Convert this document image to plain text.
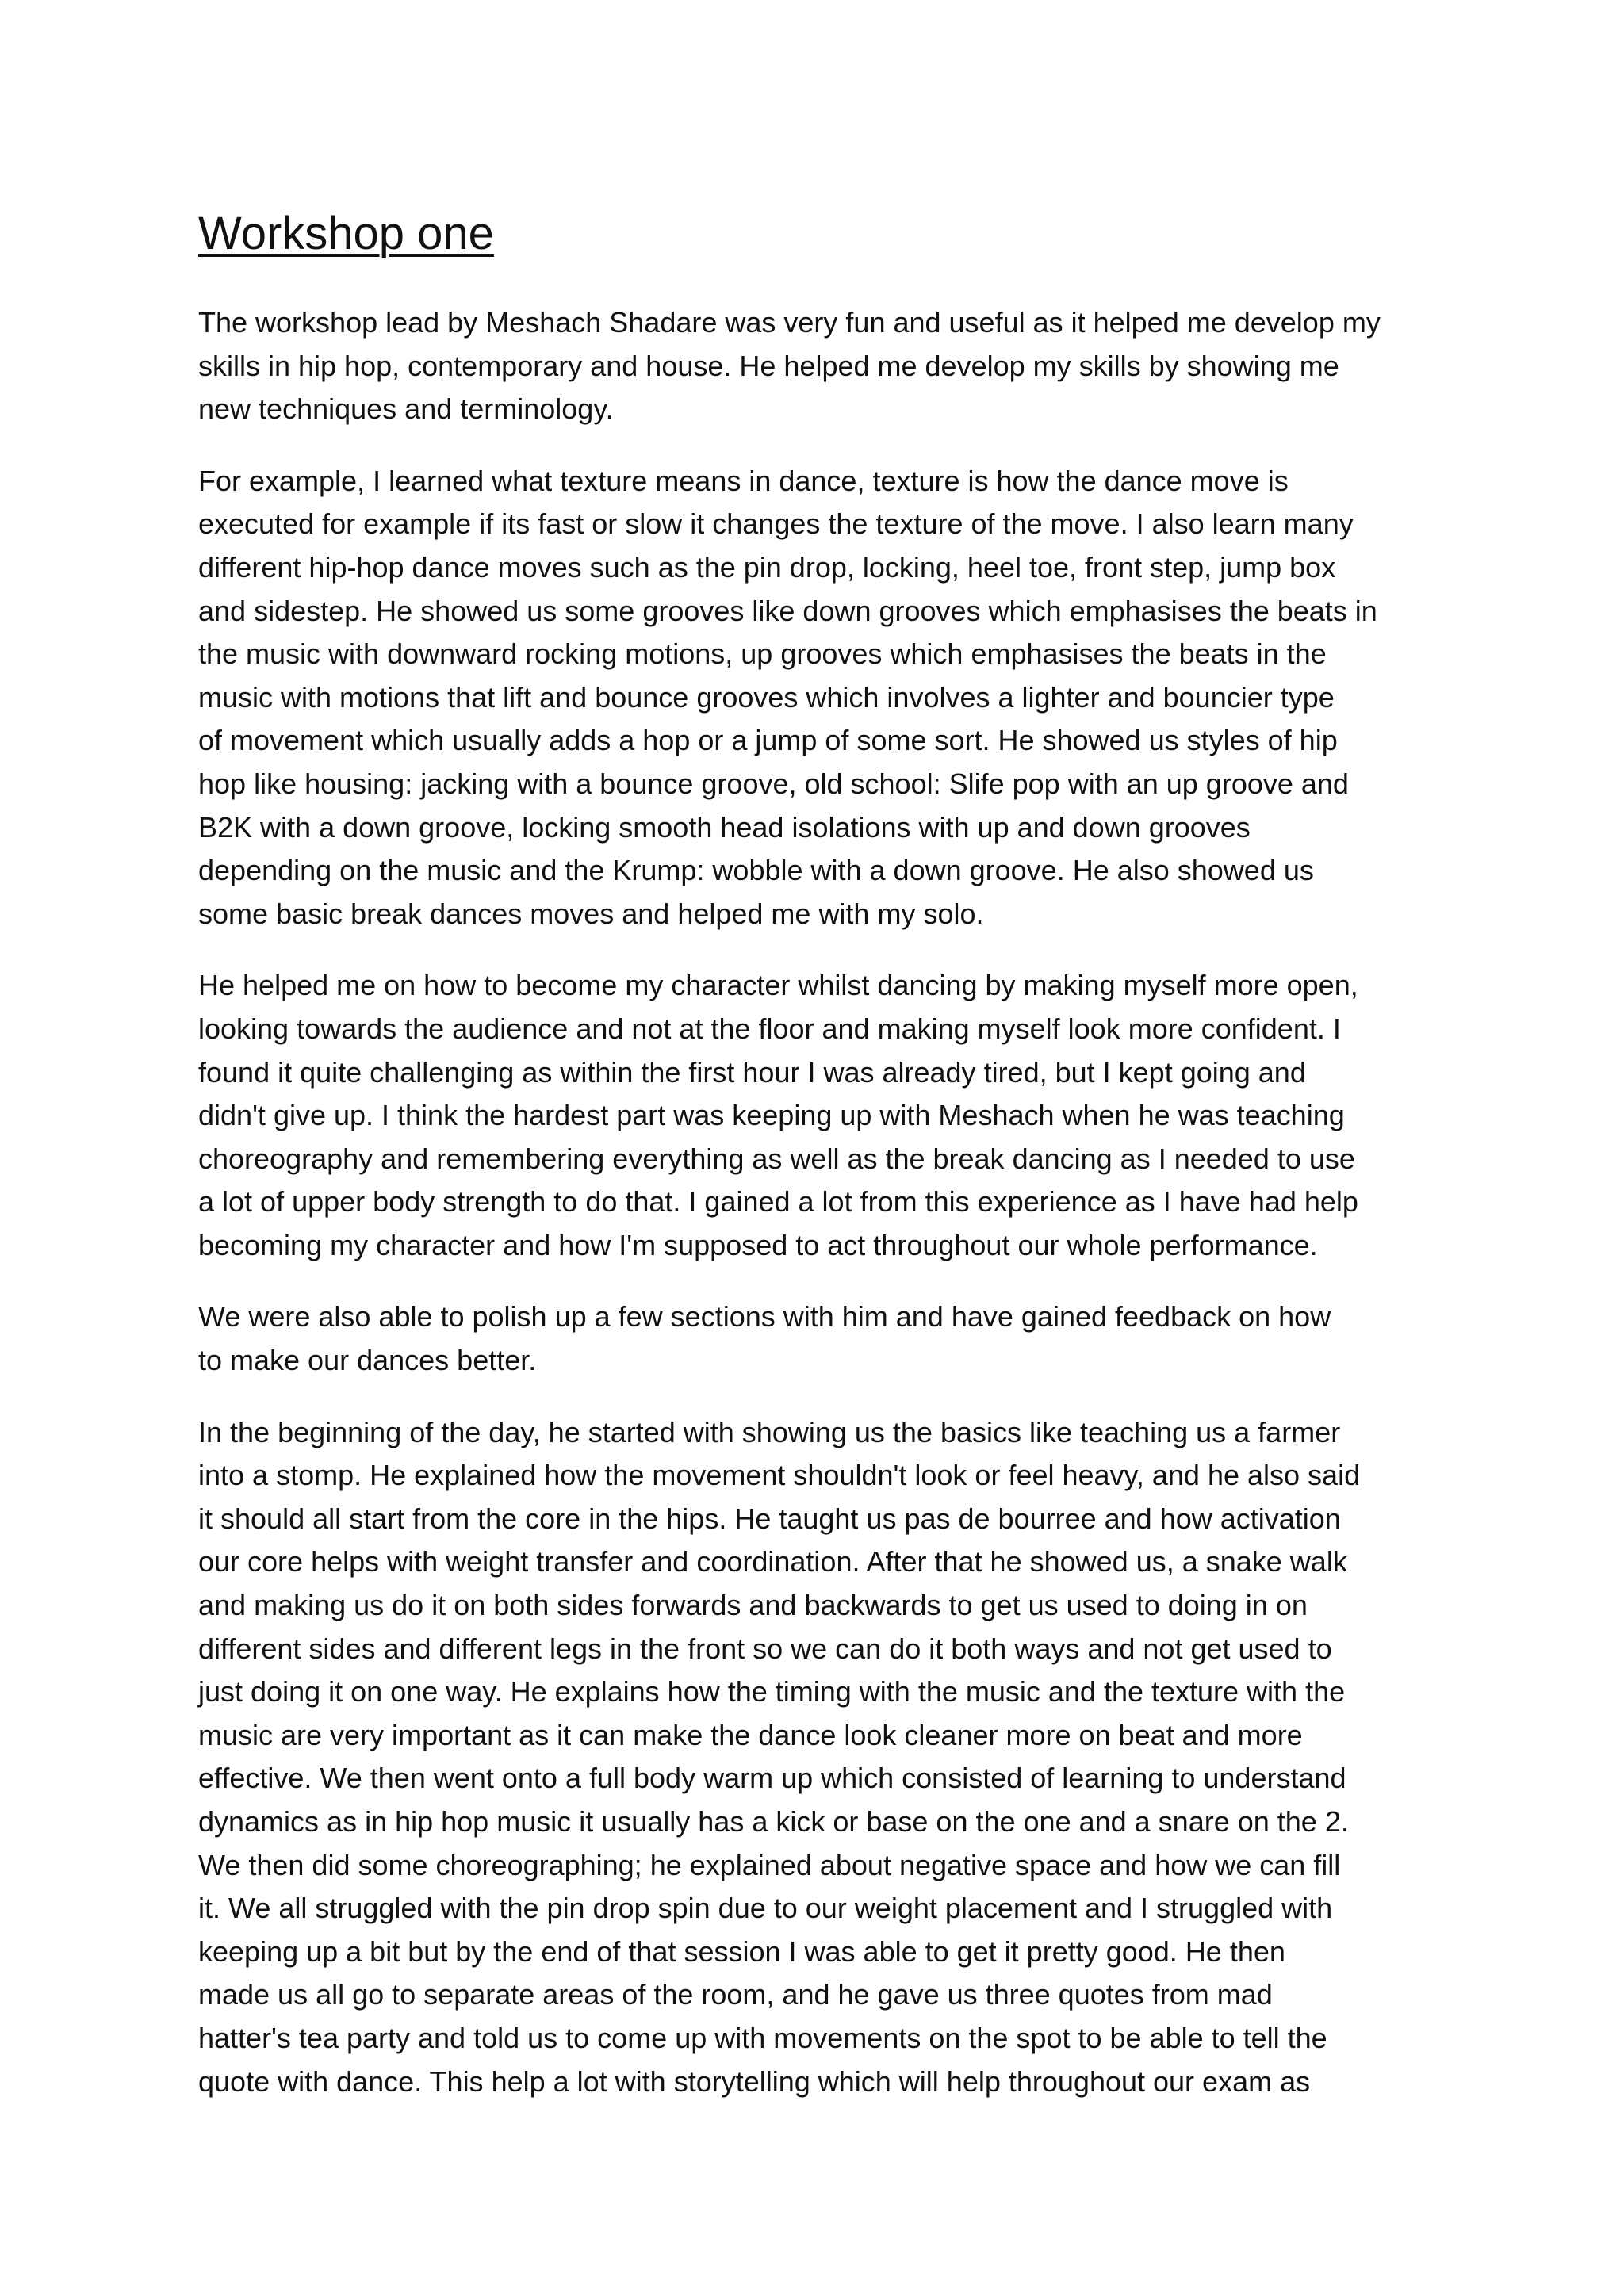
Workshop one

The workshop lead by Meshach Shadare was very fun and useful as it helped me develop my
skills in hip hop, contemporary and house. He helped me develop my skills by showing me
new techniques and terminology.

For example, I learned what texture means in dance, texture is how the dance move is
executed for example if its fast or slow it changes the texture of the move. I also learn many
different hip-hop dance moves such as the pin drop, locking, heel toe, front step, jump box
and sidestep. He showed us some grooves like down grooves which emphasises the beats in
the music with downward rocking motions, up grooves which emphasises the beats in the
music with motions that lift and bounce grooves which involves a lighter and bouncier type
of movement which usually adds a hop or a jump of some sort. He showed us styles of hip
hop like housing: jacking with a bounce groove, old school: Slife pop with an up groove and
B2K with a down groove, locking smooth head isolations with up and down grooves
depending on the music and the Krump: wobble with a down groove. He also showed us
some basic break dances moves and helped me with my solo.

He helped me on how to become my character whilst dancing by making myself more open,
looking towards the audience and not at the floor and making myself look more confident. I
found it quite challenging as within the first hour I was already tired, but I kept going and
didn't give up. I think the hardest part was keeping up with Meshach when he was teaching
choreography and remembering everything as well as the break dancing as I needed to use
a lot of upper body strength to do that. I gained a lot from this experience as I have had help
becoming my character and how I'm supposed to act throughout our whole performance.

We were also able to polish up a few sections with him and have gained feedback on how
to make our dances better.

In the beginning of the day, he started with showing us the basics like teaching us a farmer
into a stomp. He explained how the movement shouldn't look or feel heavy, and he also said
it should all start from the core in the hips. He taught us pas de bourree and how activation
our core helps with weight transfer and coordination. After that he showed us, a snake walk
and making us do it on both sides forwards and backwards to get us used to doing in on
different sides and different legs in the front so we can do it both ways and not get used to
just doing it on one way. He explains how the timing with the music and the texture with the
music are very important as it can make the dance look cleaner more on beat and more
effective. We then went onto a full body warm up which consisted of learning to understand
dynamics as in hip hop music it usually has a kick or base on the one and a snare on the 2.
We then did some choreographing; he explained about negative space and how we can fill
it. We all struggled with the pin drop spin due to our weight placement and I struggled with
keeping up a bit but by the end of that session I was able to get it pretty good. He then
made us all go to separate areas of the room, and he gave us three quotes from mad
hatter's tea party and told us to come up with movements on the spot to be able to tell the
quote with dance. This help a lot with storytelling which will help throughout our exam as
